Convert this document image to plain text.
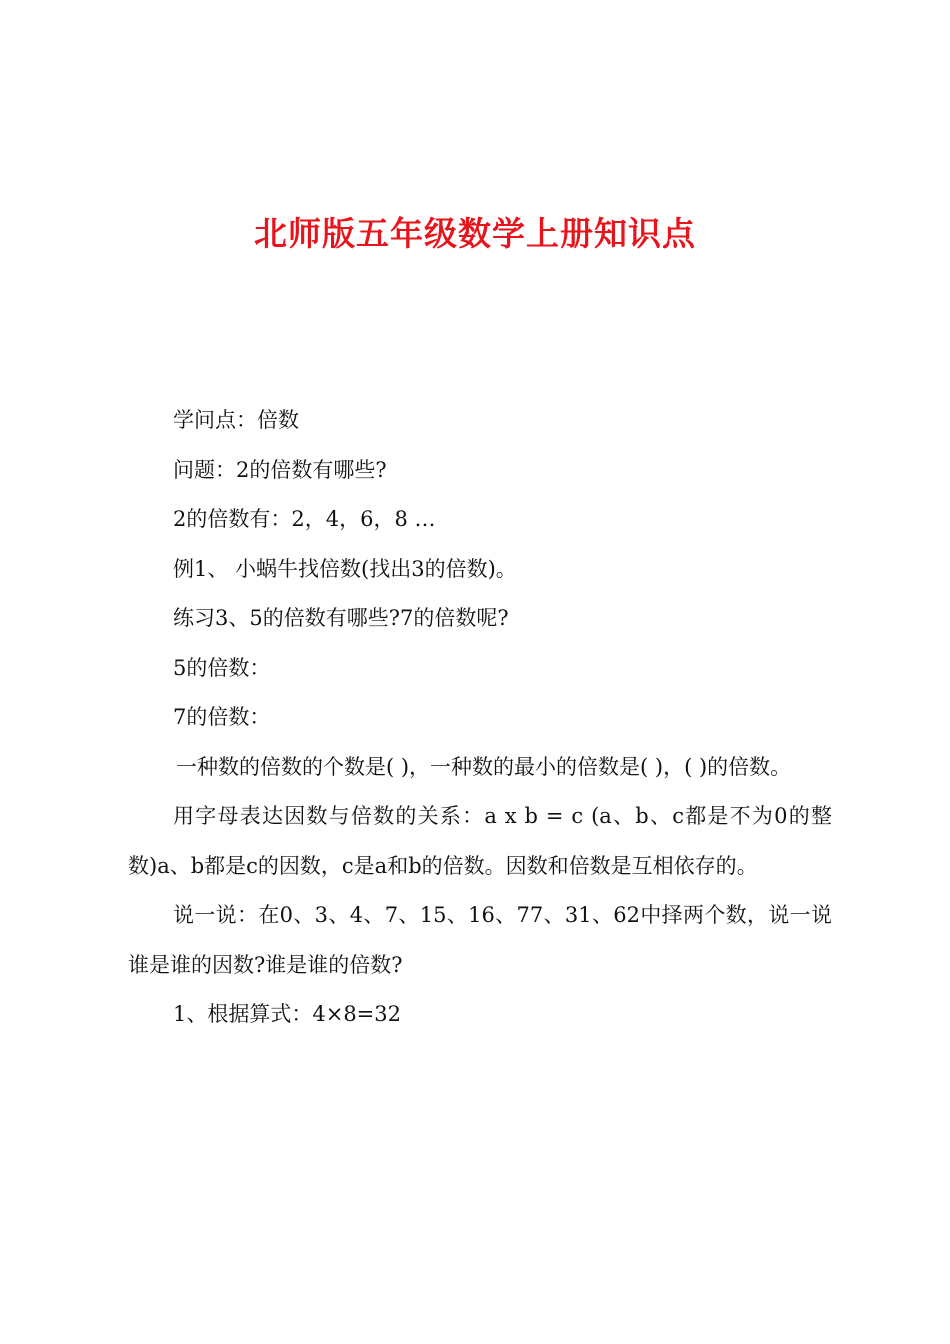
北师版五年级数学上册知识点

学问点：倍数

问题：2的倍数有哪些?

2的倍数有：2，4，6，8 …

例1、 小蜗牛找倍数(找出3的倍数)。

练习3、5的倍数有哪些?7的倍数呢?

5的倍数：

7的倍数：

一种数的倍数的个数是( )，一种数的最小的倍数是( )，( )的倍数。

用字母表达因数与倍数的关系：a x b = c (a、b、c都是不为0的整数)a、b都是c的因数，c是a和b的倍数。因数和倍数是互相依存的。

说一说：在0、3、4、7、15、16、77、31、62中择两个数，说一说谁是谁的因数?谁是谁的倍数?

1、根据算式：4×8=32
